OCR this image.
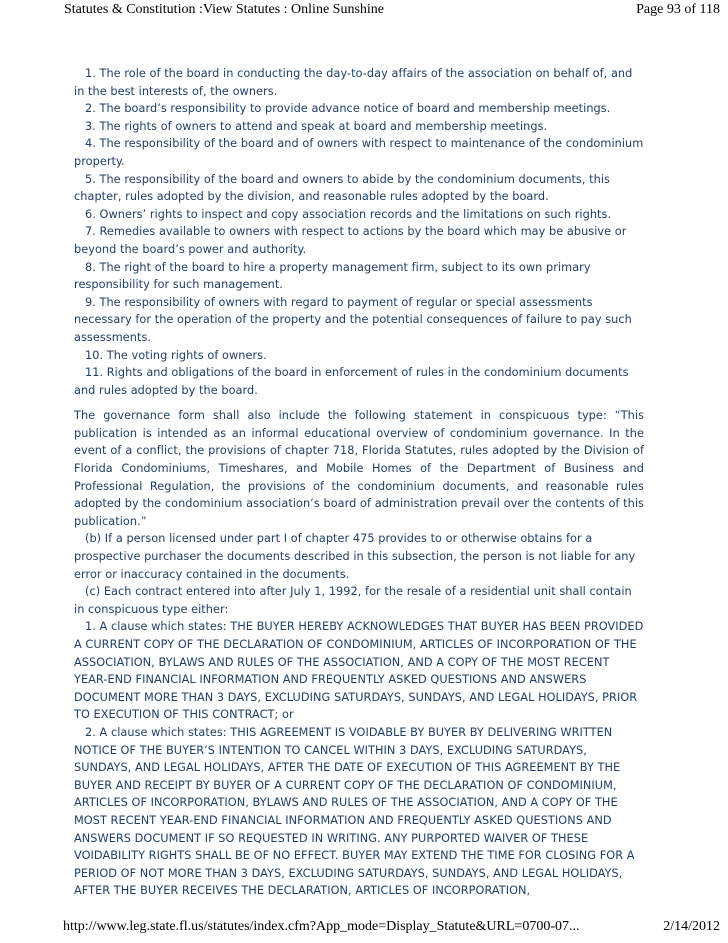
Statutes & Constitution :View Statutes : Online Sunshine	Page 93 of 118

1. The role of the board in conducting the day-to-day affairs of the association on behalf of, and in the best interests of, the owners.

2. The board’s responsibility to provide advance notice of board and membership meetings.

3. The rights of owners to attend and speak at board and membership meetings.

4. The responsibility of the board and of owners with respect to maintenance of the condominium property.

5. The responsibility of the board and owners to abide by the condominium documents, this chapter, rules adopted by the division, and reasonable rules adopted by the board.

6. Owners’ rights to inspect and copy association records and the limitations on such rights.

7. Remedies available to owners with respect to actions by the board which may be abusive or beyond the board’s power and authority.

8. The right of the board to hire a property management firm, subject to its own primary responsibility for such management.

9. The responsibility of owners with regard to payment of regular or special assessments necessary for the operation of the property and the potential consequences of failure to pay such assessments.

10. The voting rights of owners.

11. Rights and obligations of the board in enforcement of rules in the condominium documents and rules adopted by the board.

The governance form shall also include the following statement in conspicuous type: “This publication is intended as an informal educational overview of condominium governance. In the event of a conflict, the provisions of chapter 718, Florida Statutes, rules adopted by the Division of Florida Condominiums, Timeshares, and Mobile Homes of the Department of Business and Professional Regulation, the provisions of the condominium documents, and reasonable rules adopted by the condominium association’s board of administration prevail over the contents of this publication.”

(b) If a person licensed under part I of chapter 475 provides to or otherwise obtains for a prospective purchaser the documents described in this subsection, the person is not liable for any error or inaccuracy contained in the documents.

(c) Each contract entered into after July 1, 1992, for the resale of a residential unit shall contain in conspicuous type either:

1. A clause which states: THE BUYER HEREBY ACKNOWLEDGES THAT BUYER HAS BEEN PROVIDED A CURRENT COPY OF THE DECLARATION OF CONDOMINIUM, ARTICLES OF INCORPORATION OF THE ASSOCIATION, BYLAWS AND RULES OF THE ASSOCIATION, AND A COPY OF THE MOST RECENT YEAR-END FINANCIAL INFORMATION AND FREQUENTLY ASKED QUESTIONS AND ANSWERS DOCUMENT MORE THAN 3 DAYS, EXCLUDING SATURDAYS, SUNDAYS, AND LEGAL HOLIDAYS, PRIOR TO EXECUTION OF THIS CONTRACT; or

2. A clause which states: THIS AGREEMENT IS VOIDABLE BY BUYER BY DELIVERING WRITTEN NOTICE OF THE BUYER’S INTENTION TO CANCEL WITHIN 3 DAYS, EXCLUDING SATURDAYS, SUNDAYS, AND LEGAL HOLIDAYS, AFTER THE DATE OF EXECUTION OF THIS AGREEMENT BY THE BUYER AND RECEIPT BY BUYER OF A CURRENT COPY OF THE DECLARATION OF CONDOMINIUM, ARTICLES OF INCORPORATION, BYLAWS AND RULES OF THE ASSOCIATION, AND A COPY OF THE MOST RECENT YEAR-END FINANCIAL INFORMATION AND FREQUENTLY ASKED QUESTIONS AND ANSWERS DOCUMENT IF SO REQUESTED IN WRITING. ANY PURPORTED WAIVER OF THESE VOIDABILITY RIGHTS SHALL BE OF NO EFFECT. BUYER MAY EXTEND THE TIME FOR CLOSING FOR A PERIOD OF NOT MORE THAN 3 DAYS, EXCLUDING SATURDAYS, SUNDAYS, AND LEGAL HOLIDAYS, AFTER THE BUYER RECEIVES THE DECLARATION, ARTICLES OF INCORPORATION,

http://www.leg.state.fl.us/statutes/index.cfm?App_mode=Display_Statute&URL=0700-07...	2/14/2012
